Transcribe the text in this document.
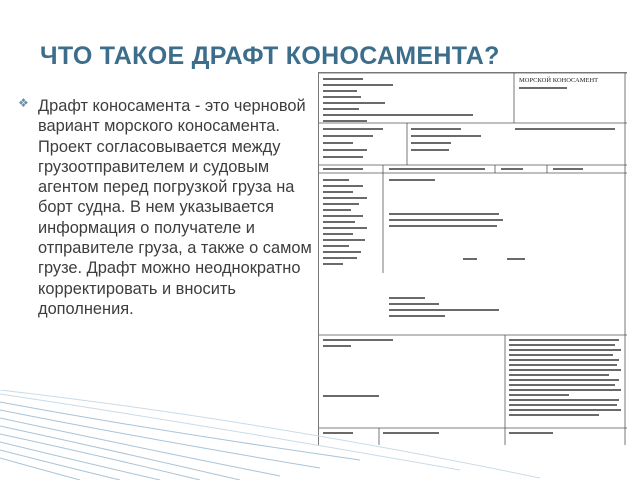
ЧТО ТАКОЕ ДРАФТ КОНОСАМЕНТА?
❖ Драфт коносамента - это черновой вариант морского коносамента. Проект согласовывается между грузоотправителем и судовым агентом перед погрузкой груза на борт судна. В нем указывается информация о получателе и отправителе груза, а также о самом грузе. Драфт можно неоднократно корректировать и вносить дополнения.
МОРСКОЙ КОНОСАМЕНТ
